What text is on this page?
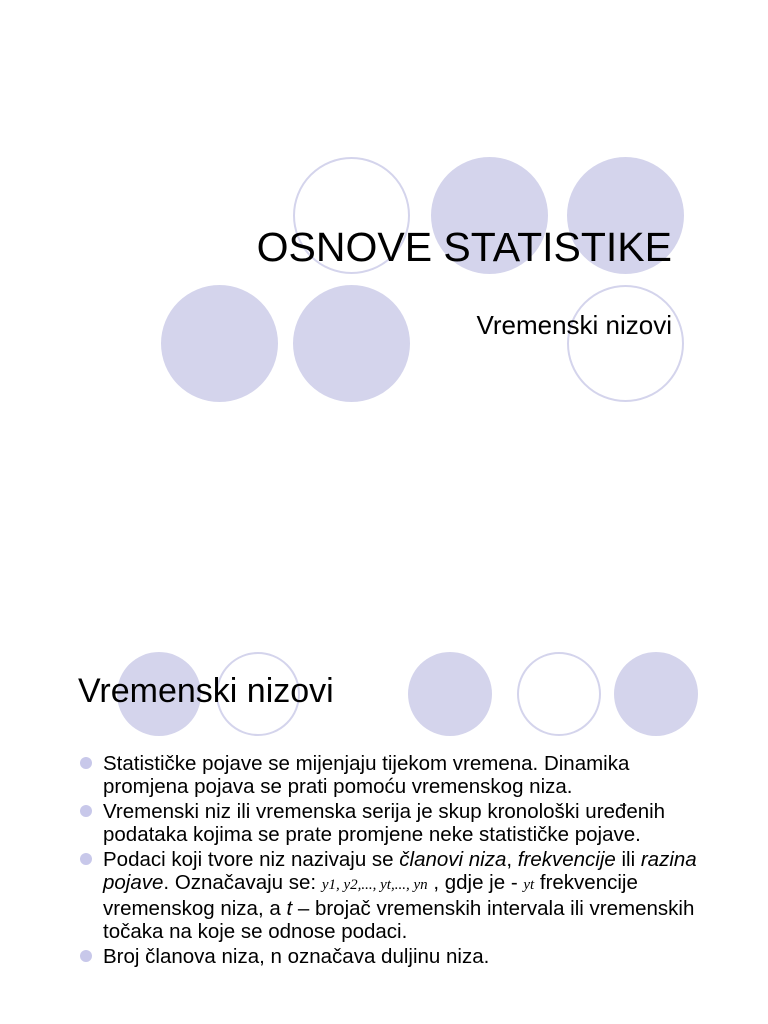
OSNOVE STATISTIKE
Vremenski nizovi
Vremenski nizovi
Statističke pojave se mijenjaju tijekom vremena. Dinamika promjena pojava se prati pomoću vremenskog niza.
Vremenski niz ili vremenska serija je skup kronološki uređenih podataka kojima se prate promjene neke statističke pojave.
Podaci koji tvore niz nazivaju se članovi niza, frekvencije ili razina pojave. Označavaju se: y1, y2,..., yt,..., yn , gdje je - yt frekvencije vremenskog niza, a t – brojač vremenskih intervala ili vremenskih točaka na koje se odnose podaci.
Broj članova niza, n označava duljinu niza.
